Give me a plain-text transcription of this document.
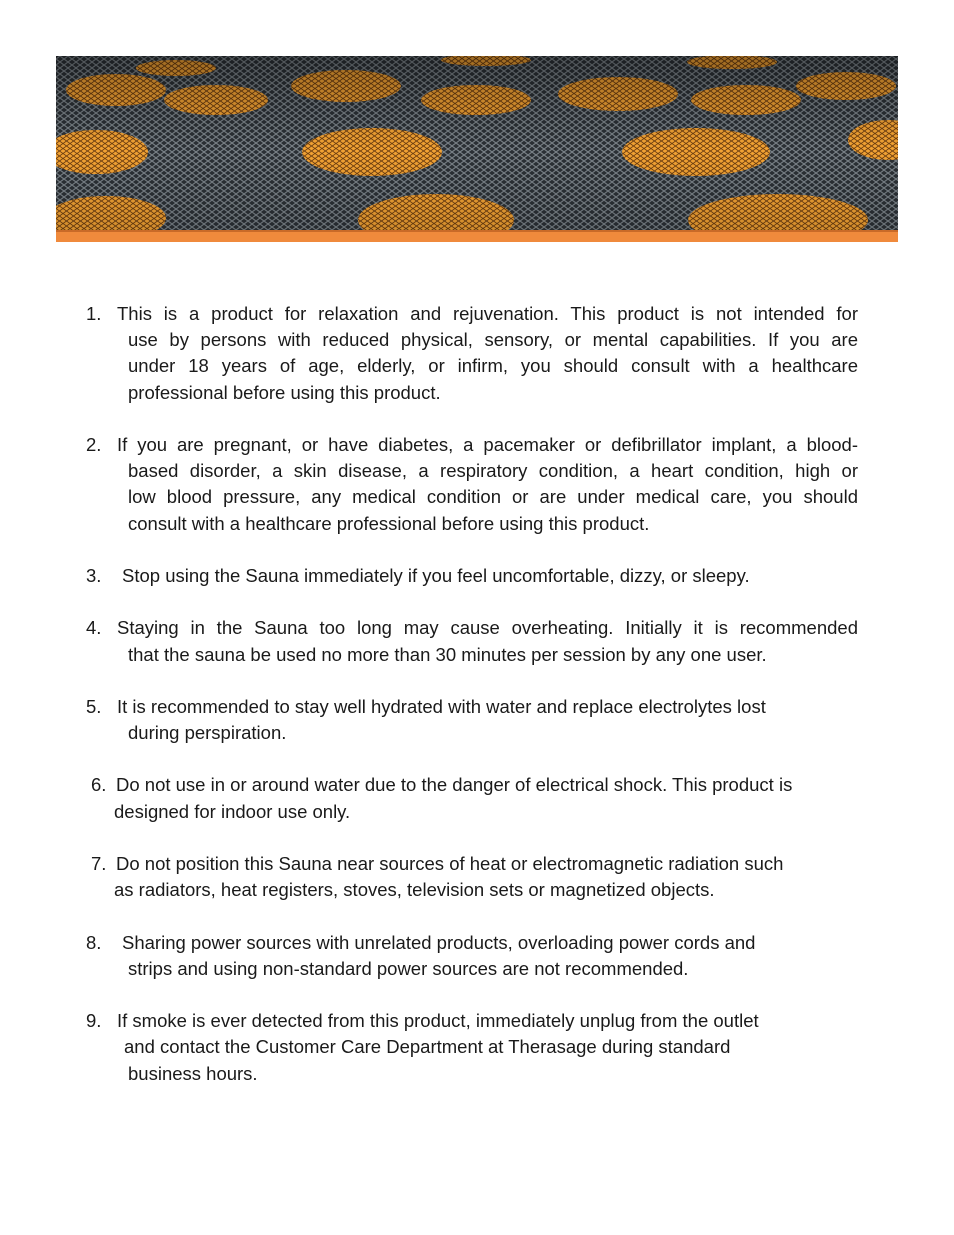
1. This is a product for relaxation and rejuvenation. This product is not intended for
use by persons with reduced physical, sensory, or mental capabilities. If you are
under 18 years of age, elderly, or infirm, you should consult with a healthcare
professional before using this product.
2. If you are pregnant, or have diabetes, a pacemaker or defibrillator implant, a blood-
based disorder, a skin disease, a respiratory condition, a heart condition, high or
low blood pressure, any medical condition or are under medical care, you should
consult with a healthcare professional before using this product.
3. Stop using the Sauna immediately if you feel uncomfortable, dizzy, or sleepy.
4. Staying in the Sauna too long may cause overheating. Initially it is recommended
that the sauna be used no more than 30 minutes per session by any one user.
5. It is recommended to stay well hydrated with water and replace electrolytes lost
during perspiration.
6. Do not use in or around water due to the danger of electrical shock. This product is
designed for indoor use only.
7. Do not position this Sauna near sources of heat or electromagnetic radiation such
as radiators, heat registers, stoves, television sets or magnetized objects.
8. Sharing power sources with unrelated products, overloading power cords and
strips and using non-standard power sources are not recommended.
9. If smoke is ever detected from this product, immediately unplug from the outlet
and contact the Customer Care Department at Therasage during standard
business hours.
